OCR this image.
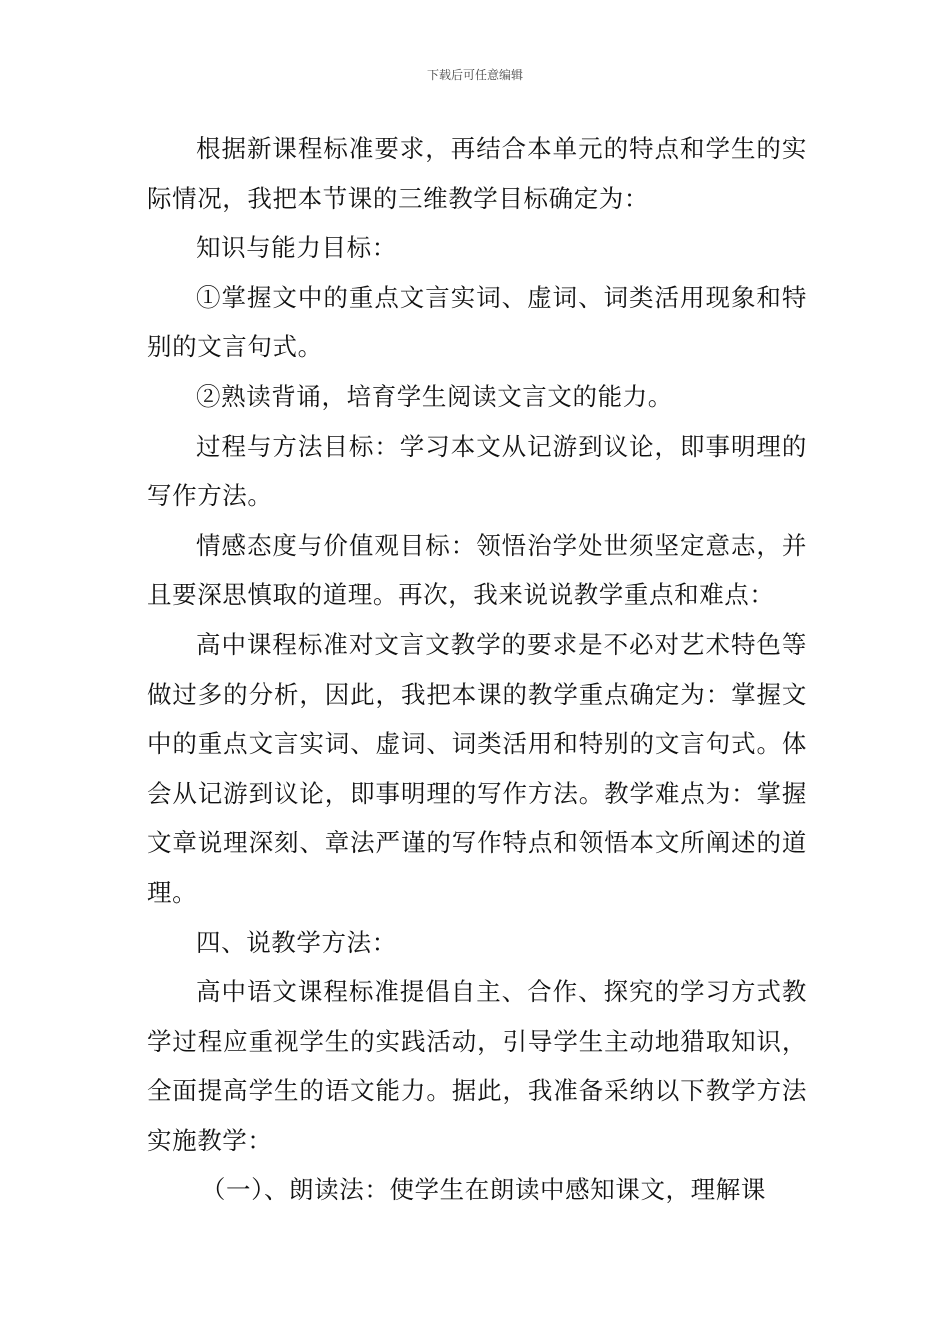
下载后可任意编辑

根据新课程标准要求，再结合本单元的特点和学生的实际情况，我把本节课的三维教学目标确定为：

知识与能力目标：

①掌握文中的重点文言实词、虚词、词类活用现象和特别的文言句式。

②熟读背诵，培育学生阅读文言文的能力。

过程与方法目标：学习本文从记游到议论，即事明理的写作方法。

情感态度与价值观目标：领悟治学处世须坚定意志，并且要深思慎取的道理。再次，我来说说教学重点和难点：

高中课程标准对文言文教学的要求是不必对艺术特色等做过多的分析，因此，我把本课的教学重点确定为：掌握文中的重点文言实词、虚词、词类活用和特别的文言句式。体会从记游到议论，即事明理的写作方法。教学难点为：掌握文章说理深刻、章法严谨的写作特点和领悟本文所阐述的道理。

四、说教学方法：

高中语文课程标准提倡自主、合作、探究的学习方式教学过程应重视学生的实践活动，引导学生主动地猎取知识，全面提高学生的语文能力。据此，我准备采纳以下教学方法实施教学：

（一）、朗读法：使学生在朗读中感知课文，理解课
